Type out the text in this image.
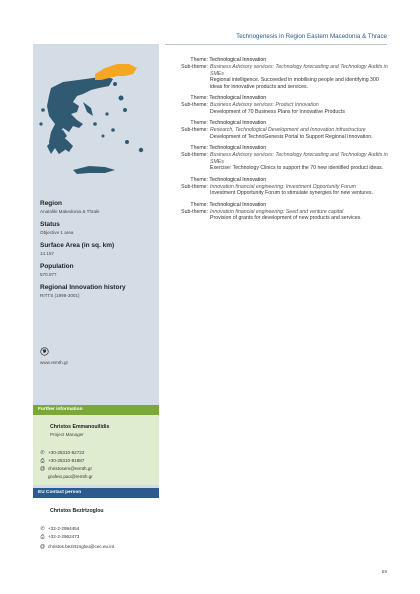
Technogenesis in Region Eastern Macedonia & Thrace

Region

Anatoliki Makedonia & Thraki

Status

Objective 1 area

Surface Area (in sq. km)

14.157

Population

570.977

Regional Innovation history

RITTS (1998-2001)

www.remth.gr
Further information
Christos Emmanouilidis
Project Manager
✆ +30-25310-82722
⎙ +30-25310-81887
@ christosem@remth.gr
grafeio.pao@remth.gr
EU Contact person
Christos Bezirtzoglou
✆ +32-2-2994454
⎙ +32-2-2962473
@ christos.bezirtzoglou@cec.eu.int
Theme: Technological Innovation
Sub-theme: Business Advisory services: Technology forecasting and Technology Audits in SMEs
Regional intelligence. Succeeded in mobilising people and identifying 300 ideas for innovative products and services.
Theme: Technological Innovation
Sub-theme: Business Advisory services: Product Innovation
Development of 70 Business Plans for Innovative Products
Theme: Technological Innovation
Sub-theme: Research, Technological Development and Innovation infrastructure
Development of TechnoGenesis Portal to Support Regional Innovation.
Theme: Technological Innovation
Sub-theme: Business Advisory services: Technology forecasting and Technology Audits in SMEs
Exercise: Technology Clinics to support the 70 new identified product ideas.
Theme: Technological Innovation
Sub-theme: Innovation financial engineering: Investment Opportunity Forum
Investment Opportunity Forum to stimulate synergies for new ventures.
Theme: Technological Innovation
Sub-theme: Innovation financial engineering: Seed and venture capital
Provision of grants for development of new products and services.
59
